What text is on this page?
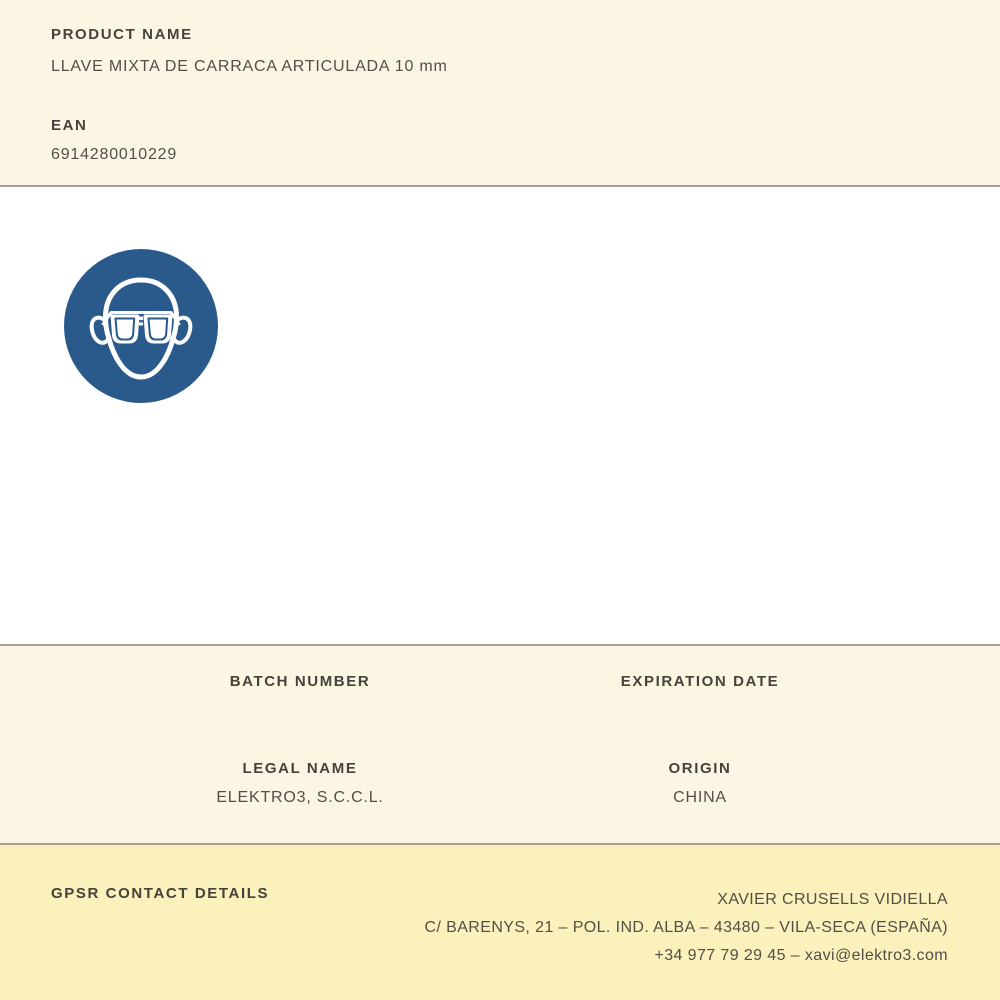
PRODUCT NAME
LLAVE MIXTA DE CARRACA ARTICULADA 10 mm
EAN
6914280010229
BATCH NUMBER	EXPIRATION DATE
LEGAL NAME
ELEKTRO3, S.C.C.L.
ORIGIN
CHINA
GPSR CONTACT DETAILS	XAVIER CRUSELLS VIDIELLA
C/ BARENYS, 21 – POL. IND. ALBA – 43480 – VILA-SECA (ESPAÑA)
+34 977 79 29 45 – xavi@elektro3.com
